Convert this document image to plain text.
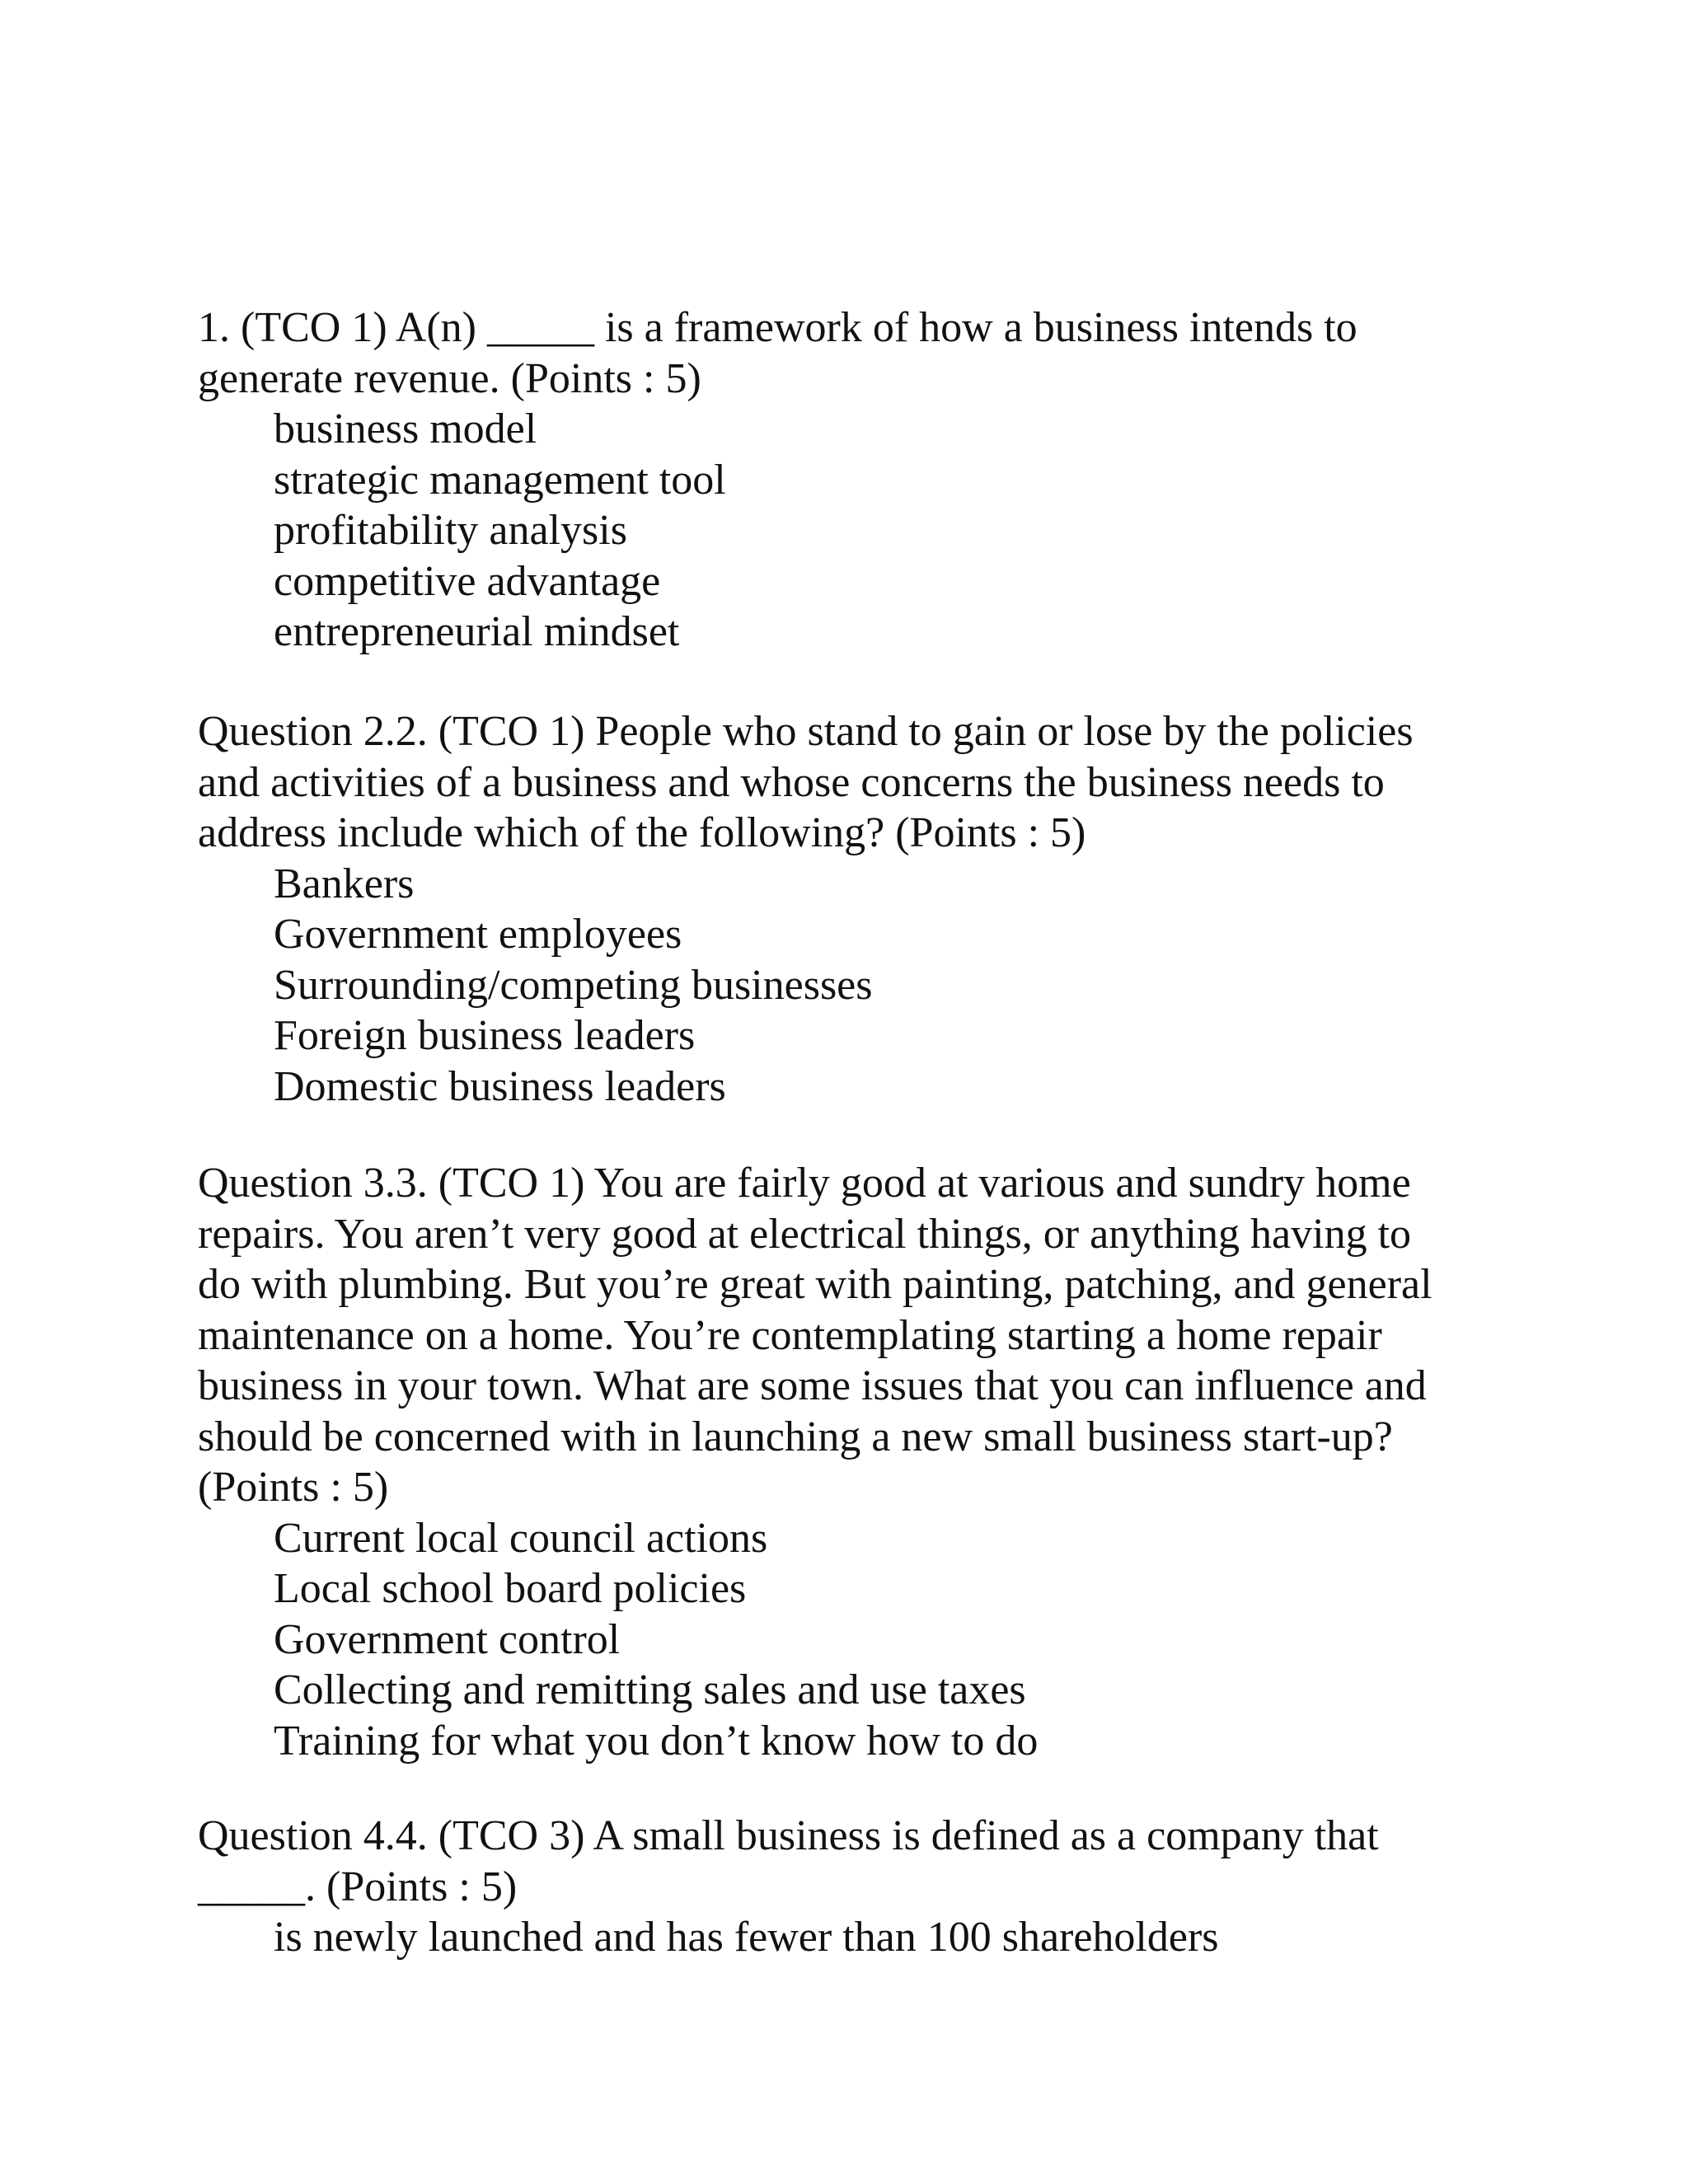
1. (TCO 1) A(n) _____ is a framework of how a business intends to
generate revenue. (Points : 5)
business model
strategic management tool
profitability analysis
competitive advantage
entrepreneurial mindset
Question 2.2. (TCO 1) People who stand to gain or lose by the policies
and activities of a business and whose concerns the business needs to
address include which of the following? (Points : 5)
Bankers
Government employees
Surrounding/competing businesses
Foreign business leaders
Domestic business leaders
Question 3.3. (TCO 1) You are fairly good at various and sundry home
repairs. You aren’t very good at electrical things, or anything having to
do with plumbing. But you’re great with painting, patching, and general
maintenance on a home. You’re contemplating starting a home repair
business in your town. What are some issues that you can influence and
should be concerned with in launching a new small business start-up?
(Points : 5)
Current local council actions
Local school board policies
Government control
Collecting and remitting sales and use taxes
Training for what you don’t know how to do
Question 4.4. (TCO 3) A small business is defined as a company that
_____. (Points : 5)
is newly launched and has fewer than 100 shareholders
